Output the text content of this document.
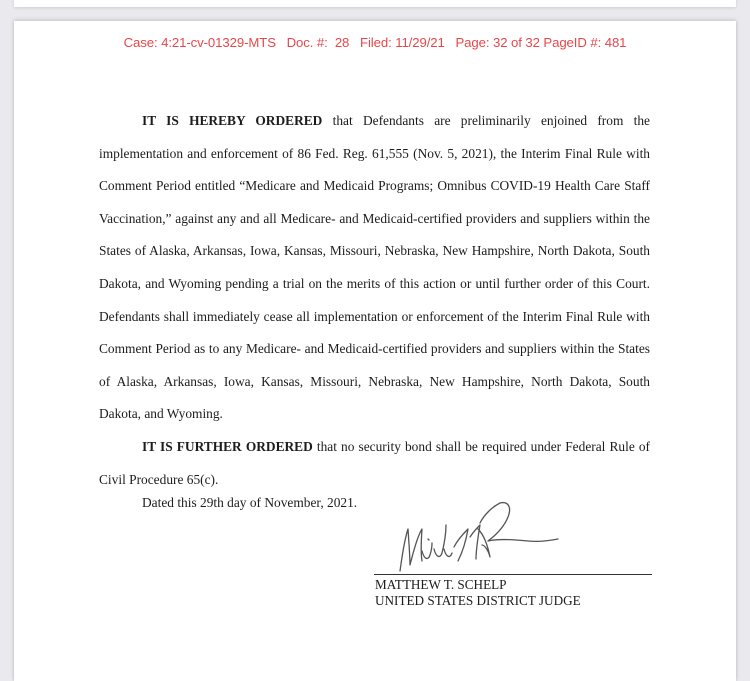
Case: 4:21-cv-01329-MTS   Doc. #:  28   Filed: 11/29/21   Page: 32 of 32 PageID #: 481

IT IS HEREBY ORDERED that Defendants are preliminarily enjoined from the implementation and enforcement of 86 Fed. Reg. 61,555 (Nov. 5, 2021), the Interim Final Rule with Comment Period entitled “Medicare and Medicaid Programs; Omnibus COVID-19 Health Care Staff Vaccination,” against any and all Medicare- and Medicaid-certified providers and suppliers within the States of Alaska, Arkansas, Iowa, Kansas, Missouri, Nebraska, New Hampshire, North Dakota, South Dakota, and Wyoming pending a trial on the merits of this action or until further order of this Court. Defendants shall immediately cease all implementation or enforcement of the Interim Final Rule with Comment Period as to any Medicare- and Medicaid-certified providers and suppliers within the States of Alaska, Arkansas, Iowa, Kansas, Missouri, Nebraska, New Hampshire, North Dakota, South Dakota, and Wyoming.

IT IS FURTHER ORDERED that no security bond shall be required under Federal Rule of Civil Procedure 65(c).

Dated this 29th day of November, 2021.
MATTHEW T. SCHELP
UNITED STATES DISTRICT JUDGE
